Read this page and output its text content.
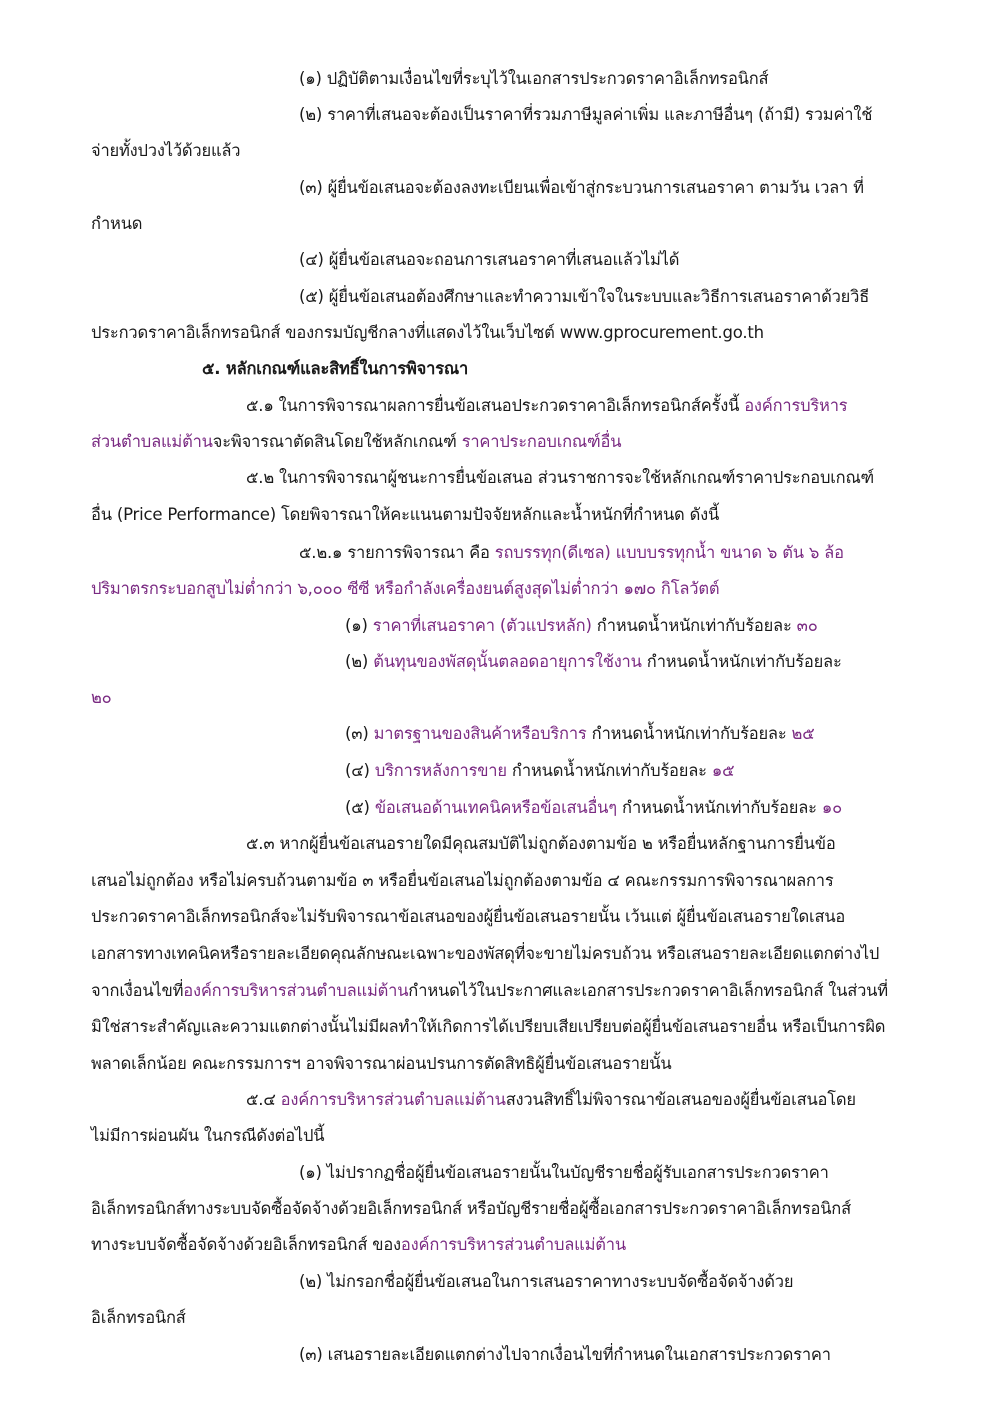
(๑) ปฏิบัติตามเงื่อนไขที่ระบุไว้ในเอกสารประกวดราคาอิเล็กทรอนิกส์
(๒) ราคาที่เสนอจะต้องเป็นราคาที่รวมภาษีมูลค่าเพิ่ม และภาษีอื่นๆ (ถ้ามี) รวมค่าใช้
จ่ายทั้งปวงไว้ด้วยแล้ว
(๓) ผู้ยื่นข้อเสนอจะต้องลงทะเบียนเพื่อเข้าสู่กระบวนการเสนอราคา ตามวัน เวลา ที่
กำหนด
(๔) ผู้ยื่นข้อเสนอจะถอนการเสนอราคาที่เสนอแล้วไม่ได้
(๕) ผู้ยื่นข้อเสนอต้องศึกษาและทำความเข้าใจในระบบและวิธีการเสนอราคาด้วยวิธี
ประกวดราคาอิเล็กทรอนิกส์ ของกรมบัญชีกลางที่แสดงไว้ในเว็บไซต์ www.gprocurement.go.th
๕. หลักเกณฑ์และสิทธิ์ในการพิจารณา
๕.๑ ในการพิจารณาผลการยื่นข้อเสนอประกวดราคาอิเล็กทรอนิกส์ครั้งนี้ องค์การบริหาร
ส่วนตำบลแม่ต้านจะพิจารณาตัดสินโดยใช้หลักเกณฑ์ ราคาประกอบเกณฑ์อื่น
๕.๒ ในการพิจารณาผู้ชนะการยื่นข้อเสนอ ส่วนราชการจะใช้หลักเกณฑ์ราคาประกอบเกณฑ์
อื่น (Price Performance) โดยพิจารณาให้คะแนนตามปัจจัยหลักและน้ำหนักที่กำหนด ดังนี้
๕.๒.๑ รายการพิจารณา คือ รถบรรทุก(ดีเซล) แบบบรรทุกน้ำ ขนาด ๖ ตัน ๖ ล้อ
ปริมาตรกระบอกสูบไม่ต่ำกว่า ๖,๐๐๐ ซีซี หรือกำลังเครื่องยนต์สูงสุดไม่ต่ำกว่า ๑๗๐ กิโลวัตต์
(๑) ราคาที่เสนอราคา (ตัวแปรหลัก) กำหนดน้ำหนักเท่ากับร้อยละ ๓๐
(๒) ต้นทุนของพัสดุนั้นตลอดอายุการใช้งาน กำหนดน้ำหนักเท่ากับร้อยละ
๒๐
(๓) มาตรฐานของสินค้าหรือบริการ กำหนดน้ำหนักเท่ากับร้อยละ ๒๕
(๔) บริการหลังการขาย กำหนดน้ำหนักเท่ากับร้อยละ ๑๕
(๕) ข้อเสนอด้านเทคนิคหรือข้อเสนอื่นๆ กำหนดน้ำหนักเท่ากับร้อยละ ๑๐
๕.๓ หากผู้ยื่นข้อเสนอรายใดมีคุณสมบัติไม่ถูกต้องตามข้อ ๒ หรือยื่นหลักฐานการยื่นข้อ
เสนอไม่ถูกต้อง หรือไม่ครบถ้วนตามข้อ ๓ หรือยื่นข้อเสนอไม่ถูกต้องตามข้อ ๔ คณะกรรมการพิจารณาผลการ
ประกวดราคาอิเล็กทรอนิกส์จะไม่รับพิจารณาข้อเสนอของผู้ยื่นข้อเสนอรายนั้น เว้นแต่ ผู้ยื่นข้อเสนอรายใดเสนอ
เอกสารทางเทคนิคหรือรายละเอียดคุณลักษณะเฉพาะของพัสดุที่จะขายไม่ครบถ้วน หรือเสนอรายละเอียดแตกต่างไป
จากเงื่อนไขที่องค์การบริหารส่วนตำบลแม่ต้านกำหนดไว้ในประกาศและเอกสารประกวดราคาอิเล็กทรอนิกส์ ในส่วนที่
มิใช่สาระสำคัญและความแตกต่างนั้นไม่มีผลทำให้เกิดการได้เปรียบเสียเปรียบต่อผู้ยื่นข้อเสนอรายอื่น หรือเป็นการผิด
พลาดเล็กน้อย คณะกรรมการฯ อาจพิจารณาผ่อนปรนการตัดสิทธิผู้ยื่นข้อเสนอรายนั้น
๕.๔ องค์การบริหารส่วนตำบลแม่ต้านสงวนสิทธิ์ไม่พิจารณาข้อเสนอของผู้ยื่นข้อเสนอโดย
ไม่มีการผ่อนผัน ในกรณีดังต่อไปนี้
(๑) ไม่ปรากฏชื่อผู้ยื่นข้อเสนอรายนั้นในบัญชีรายชื่อผู้รับเอกสารประกวดราคา
อิเล็กทรอนิกส์ทางระบบจัดซื้อจัดจ้างด้วยอิเล็กทรอนิกส์ หรือบัญชีรายชื่อผู้ซื้อเอกสารประกวดราคาอิเล็กทรอนิกส์
ทางระบบจัดซื้อจัดจ้างด้วยอิเล็กทรอนิกส์ ขององค์การบริหารส่วนตำบลแม่ต้าน
(๒) ไม่กรอกชื่อผู้ยื่นข้อเสนอในการเสนอราคาทางระบบจัดซื้อจัดจ้างด้วย
อิเล็กทรอนิกส์
(๓) เสนอรายละเอียดแตกต่างไปจากเงื่อนไขที่กำหนดในเอกสารประกวดราคา
